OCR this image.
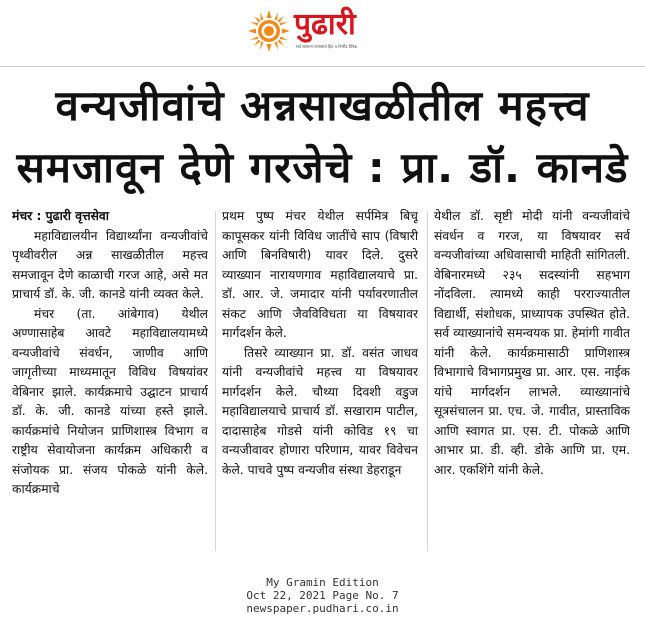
पुढारी
सर्व सामान्य माणसांचे हित व निर्भीड दैनिक
वन्यजीवांचे अन्नसाखळीतील महत्त्व
समजावून देणे गरजेचे : प्रा. डॉ. कानडे

मंचर : पुढारी वृत्तसेवा

महाविद्यालयीन विद्यार्थ्यांना वन्यजीवांचे पृथ्वीवरील अन्न साखळीतील महत्त्व समजावून देणे काळाची गरज आहे, असे मत प्राचार्य डॉ. के. जी. कानडे यांनी व्यक्त केले.

मंचर (ता. आंबेगाव) येथील अण्णासाहेब आवटे महाविद्यालयामध्ये वन्यजीवांचे संवर्धन, जाणीव आणि जागृतीच्या माध्यमातून विविध विषयांवर वेबिनार झाले. कार्यक्रमाचे उद्घाटन प्राचार्य डॉ. के. जी. कानडे यांच्या हस्ते झाले. कार्यक्रमांचे नियोजन प्राणिशास्त्र विभाग व राष्ट्रीय सेवायोजना कार्यक्रम अधिकारी व संजोयक प्रा. संजय पोकळे यांनी केले. कार्यक्रमाचे

प्रथम पुष्प मंचर येथील सर्पमित्र बिचू कापूसकर यांनी विविध जातींचे साप (विषारी आणि बिनविषारी) यावर दिले. दुसरे व्याख्यान नारायणगाव महाविद्यालयाचे प्रा. डॉ. आर. जे. जमादार यांनी पर्यावरणातील संकट आणि जैवविविधता या विषयावर मार्गदर्शन केले.

तिसरे व्याख्यान प्रा. डॉ. वसंत जाधव यांनी वन्यजीवांचे महत्त्व या विषयावर मार्गदर्शन केले. चौथ्या दिवशी वडुज महाविद्यालयाचे प्राचार्य डॉ. सखाराम पाटील, दादासाहेब गोडसे यांनी कोविड १९ चा वन्यजीवावर होणारा परिणाम, यावर विवेचन केले. पाचवे पुष्प वन्यजीव संस्था डेहराडून

येथील डॉ. सृष्टी मोदी यांनी वन्यजीवांचे संवर्धन व गरज, या विषयावर सर्व वन्यजीवांच्या अधिवासाची माहिती सांगितली. वेबिनारमध्ये २३५ सदस्यांनी सहभाग नोंदविला. त्यामध्ये काही परराज्यातील विद्यार्थी, संशोधक, प्राध्यापक उपस्थित होते. सर्व व्याख्यानांचे समन्वयक प्रा. हेमांगी गावीत यांनी केले. कार्यक्रमासाठी प्राणिशास्त्र विभागाचे विभागप्रमुख प्रा. आर. एस. नाईक यांचे मार्गदर्शन लाभले. व्याख्यानांचे सूत्रसंचालन प्रा. एच. जे. गावीत, प्रास्ताविक आणि स्वागत प्रा. एस. टी. पोकळे आणि आभार प्रा. डी. व्ही. डोके आणि प्रा. एम. आर. एकशिंगे यांनी केले.

My Gramin Edition
Oct 22, 2021 Page No. 7
newspaper.pudhari.co.in
